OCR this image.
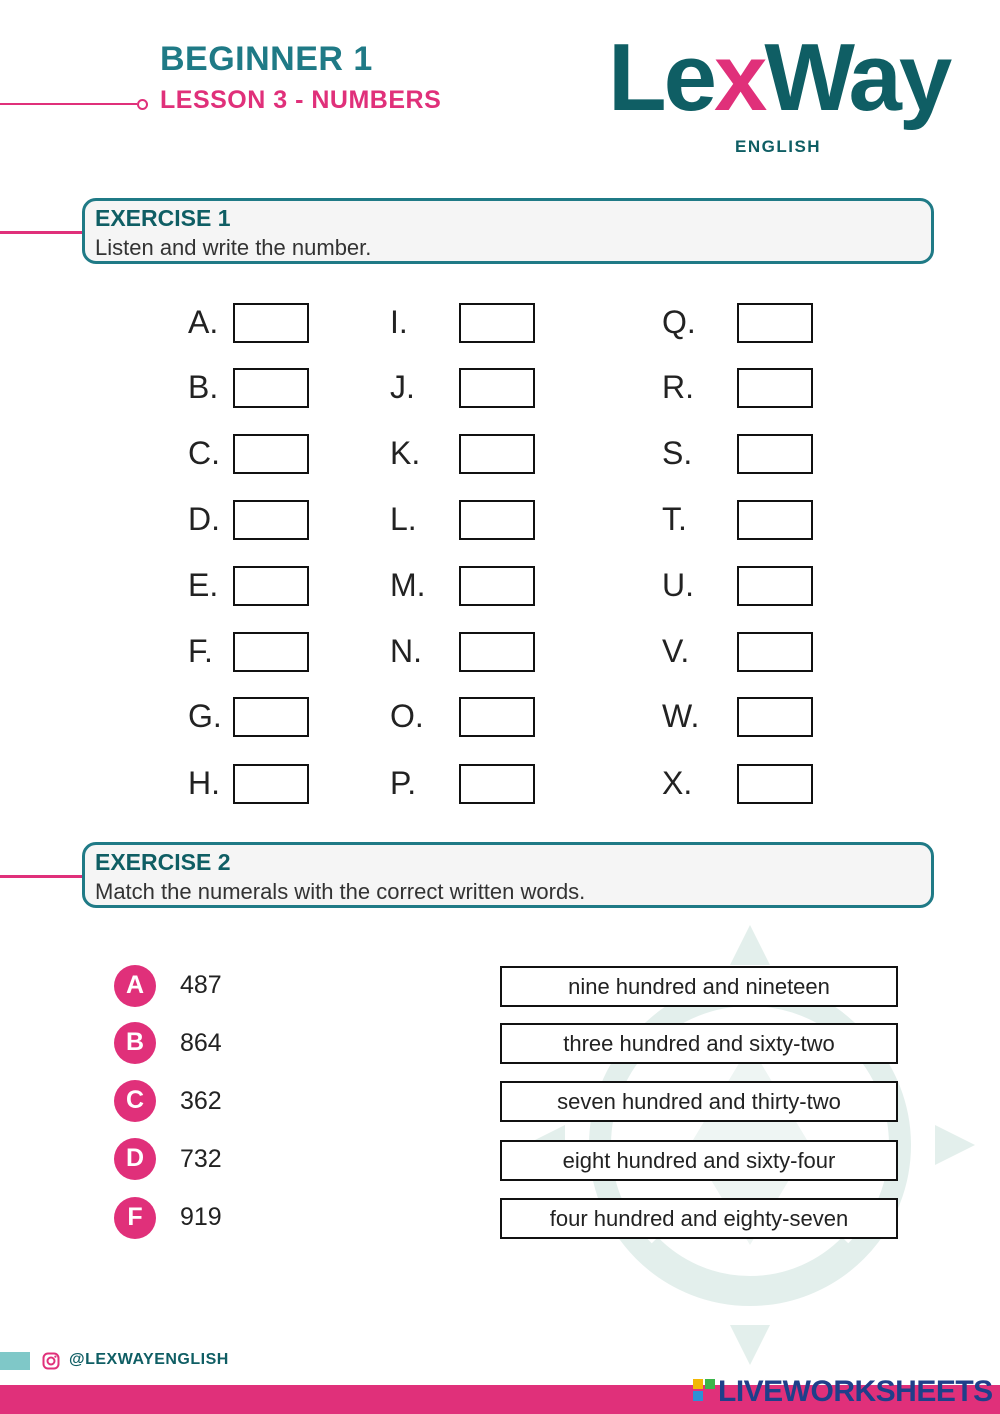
BEGINNER 1
LESSON 3 - NUMBERS LexWay
ENGLISH
EXERCISE 1
Listen and write the number.
A.
B.
C.
D.
E.
F.
G.
H.
I.
J.
K.
L.
M.
N.
O.
P.
Q.
R.
S.
T.
U.
V.
W.
X.
EXERCISE 2
Match the numerals with the correct written words.
A	487
B	864
C	362
D	732
F	919
nine hundred and nineteen
three hundred and sixty-two
seven hundred and thirty-two
eight hundred and sixty-four
four hundred and eighty-seven
@LEXWAYENGLISH
LIVEWORKSHEETS
